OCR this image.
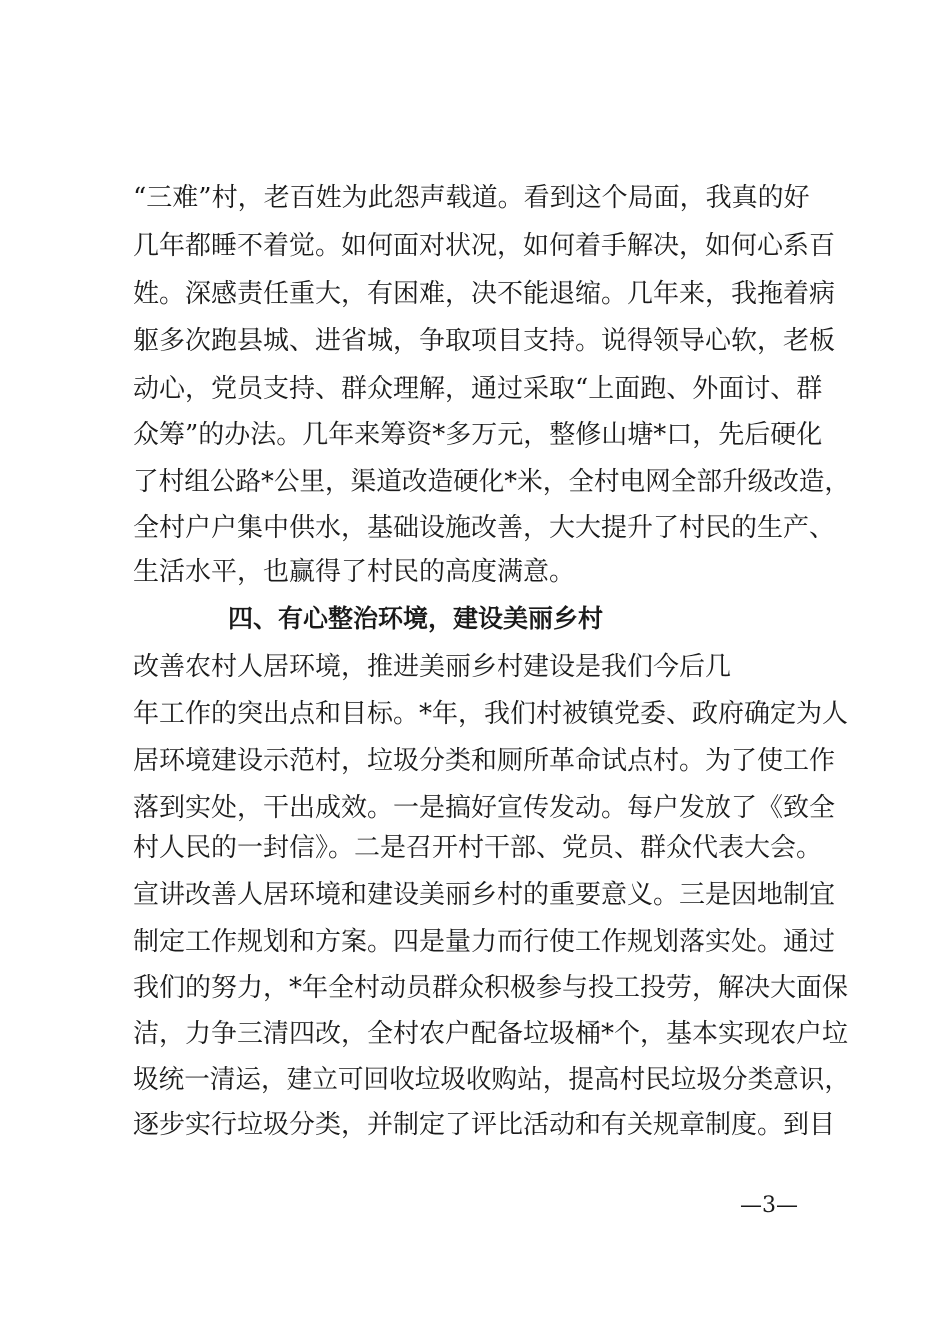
“三难”村，老百姓为此怨声载道。看到这个局面，我真的好
几年都睡不着觉。如何面对状况，如何着手解决，如何心系百
姓。深感责任重大，有困难，决不能退缩。几年来，我拖着病
躯多次跑县城、进省城，争取项目支持。说得领导心软，老板
动心，党员支持、群众理解，通过采取“上面跑、外面讨、群
众筹”的办法。几年来筹资*多万元，整修山塘*口，先后硬化
了村组公路*公里，渠道改造硬化*米，全村电网全部升级改造，
全村户户集中供水，基础设施改善，大大提升了村民的生产、
生活水平，也赢得了村民的高度满意。
四、有心整治环境，建设美丽乡村
改善农村人居环境，推进美丽乡村建设是我们今后几
年工作的突出点和目标。*年，我们村被镇党委、政府确定为人
居环境建设示范村，垃圾分类和厕所革命试点村。为了使工作
落到实处，干出成效。一是搞好宣传发动。每户发放了《致全
村人民的一封信》。二是召开村干部、党员、群众代表大会。
宣讲改善人居环境和建设美丽乡村的重要意义。三是因地制宜
制定工作规划和方案。四是量力而行使工作规划落实处。通过
我们的努力，*年全村动员群众积极参与投工投劳，解决大面保
洁，力争三清四改，全村农户配备垃圾桶*个，基本实现农户垃
圾统一清运，建立可回收垃圾收购站，提高村民垃圾分类意识，
逐步实行垃圾分类，并制定了评比活动和有关规章制度。到目
—3—
